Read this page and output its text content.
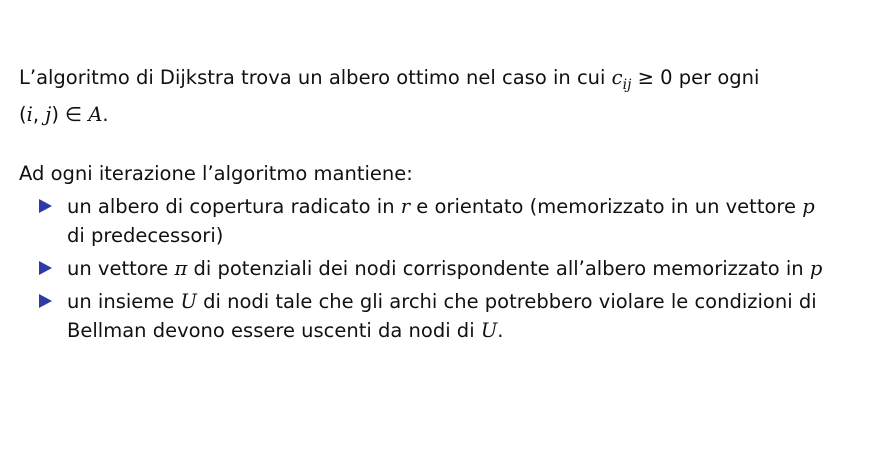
L’algoritmo di Dijkstra trova un albero ottimo nel caso in cui $c_{ij} \ge 0$ per ogni
(i, j) ∈ A.

Ad ogni iterazione l’algoritmo mantiene:

un albero di copertura radicato in r e orientato (memorizzato in un vettore p
di predecessori)
un vettore π di potenziali dei nodi corrispondente all’albero memorizzato in p
un insieme U di nodi tale che gli archi che potrebbero violare le condizioni di Bellman devono essere uscenti da nodi di U.
